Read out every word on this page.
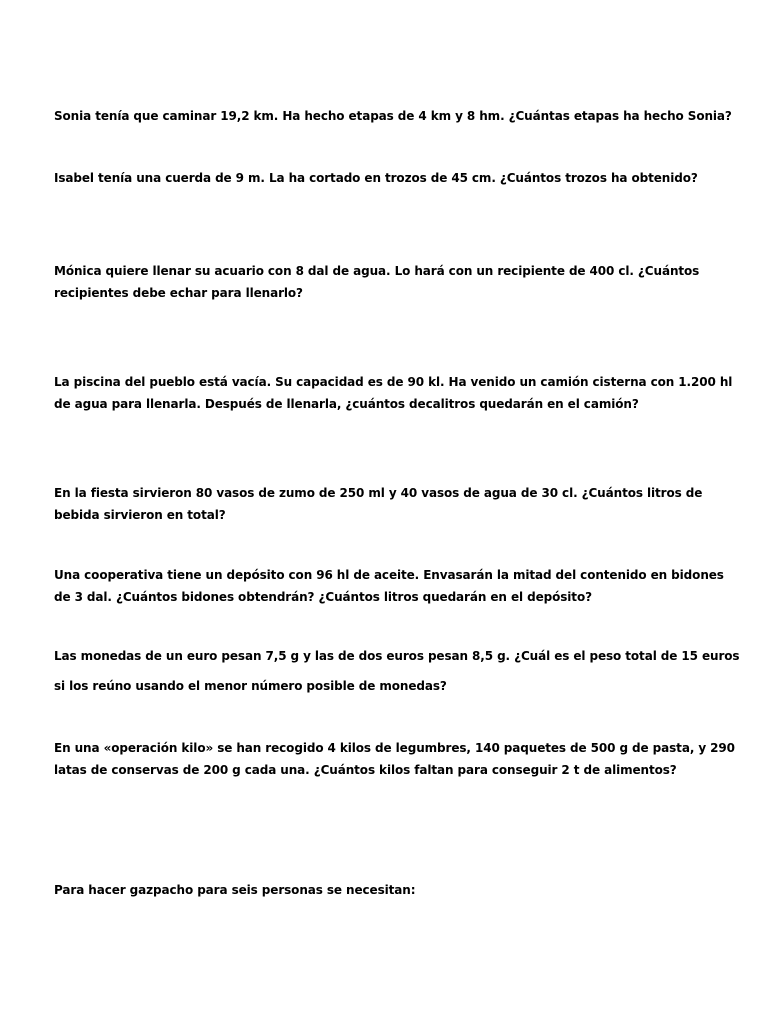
Sonia tenía que caminar 19,2 km. Ha hecho etapas de 4 km y 8 hm. ¿Cuántas etapas ha hecho Sonia?

Isabel tenía una cuerda de 9 m. La ha cortado en trozos de 45 cm. ¿Cuántos trozos ha obtenido?

Mónica quiere llenar su acuario con 8 dal de agua. Lo hará con un recipiente de 400 cl. ¿Cuántos recipientes debe echar para llenarlo?

La piscina del pueblo está vacía. Su capacidad es de 90 kl. Ha venido un camión cisterna con 1.200 hl de agua para llenarla. Después de llenarla, ¿cuántos decalitros quedarán en el camión?

En la fiesta sirvieron 80 vasos de zumo de 250 ml y 40 vasos de agua de 30 cl. ¿Cuántos litros de bebida sirvieron en total?

Una cooperativa tiene un depósito con 96 hl de aceite. Envasarán la mitad del contenido en bidones de 3 dal. ¿Cuántos bidones obtendrán? ¿Cuántos litros quedarán en el depósito?

Las monedas de un euro pesan 7,5 g y las de dos euros pesan 8,5 g. ¿Cuál es el peso total de 15 euros

si los reúno usando el menor número posible de monedas?

En una «operación kilo» se han recogido 4 kilos de legumbres, 140 paquetes de 500 g de pasta, y 290 latas de conservas de 200 g cada una. ¿Cuántos kilos faltan para conseguir 2 t de alimentos?

Para hacer gazpacho para seis personas se necesitan:
